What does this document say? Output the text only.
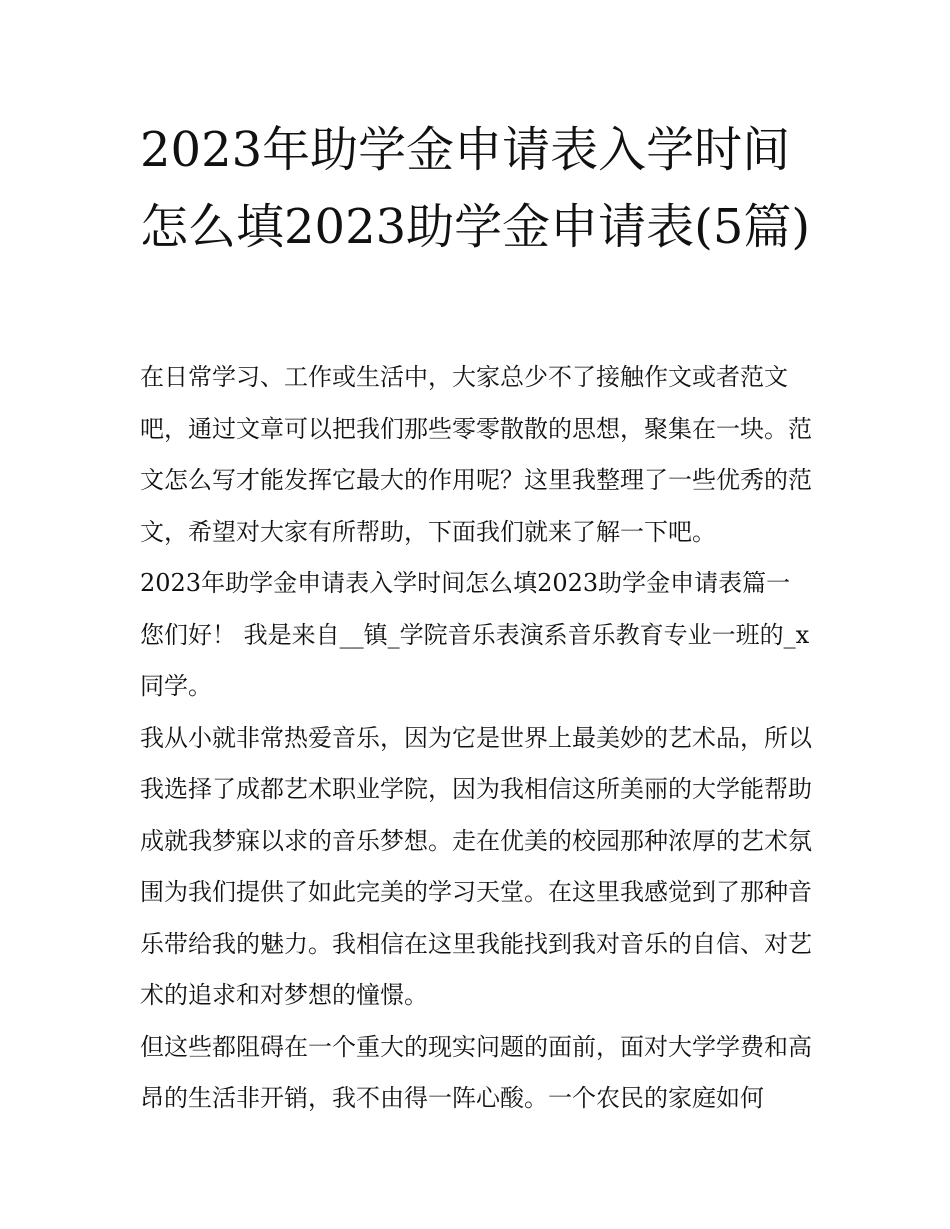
2023年助学金申请表入学时间怎么填2023助学金申请表(5篇)

在日常学习、工作或生活中，大家总少不了接触作文或者范文吧，通过文章可以把我们那些零零散散的思想，聚集在一块。范文怎么写才能发挥它最大的作用呢？这里我整理了一些优秀的范文，希望对大家有所帮助，下面我们就来了解一下吧。

2023年助学金申请表入学时间怎么填2023助学金申请表篇一

您们好！ 我是来自__镇_学院音乐表演系音乐教育专业一班的_x同学。

我从小就非常热爱音乐，因为它是世界上最美妙的艺术品，所以我选择了成都艺术职业学院，因为我相信这所美丽的大学能帮助成就我梦寐以求的音乐梦想。走在优美的校园那种浓厚的艺术氛围为我们提供了如此完美的学习天堂。在这里我感觉到了那种音乐带给我的魅力。我相信在这里我能找到我对音乐的自信、对艺术的追求和对梦想的憧憬。

但这些都阻碍在一个重大的现实问题的面前，面对大学学费和高昂的生活非开销，我不由得一阵心酸。一个农民的家庭如何
